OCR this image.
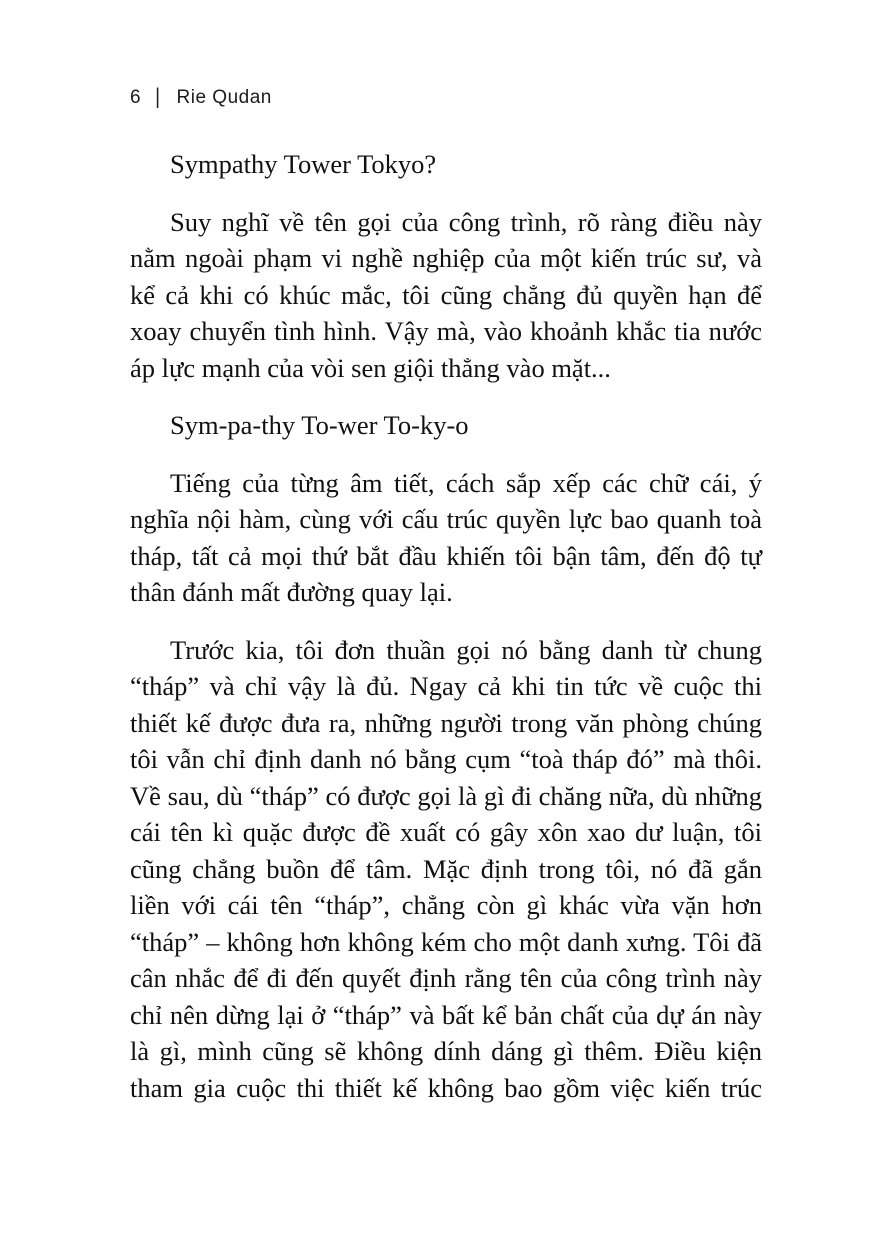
6 | Rie Qudan

Sympathy Tower Tokyo?

Suy nghĩ về tên gọi của công trình, rõ ràng điều này nằm ngoài phạm vi nghề nghiệp của một kiến trúc sư, và kể cả khi có khúc mắc, tôi cũng chẳng đủ quyền hạn để xoay chuyển tình hình. Vậy mà, vào khoảnh khắc tia nước áp lực mạnh của vòi sen giội thẳng vào mặt...

Sym-pa-thy To-wer To-ky-o

Tiếng của từng âm tiết, cách sắp xếp các chữ cái, ý nghĩa nội hàm, cùng với cấu trúc quyền lực bao quanh toà tháp, tất cả mọi thứ bắt đầu khiến tôi bận tâm, đến độ tự thân đánh mất đường quay lại.

Trước kia, tôi đơn thuần gọi nó bằng danh từ chung “tháp” và chỉ vậy là đủ. Ngay cả khi tin tức về cuộc thi thiết kế được đưa ra, những người trong văn phòng chúng tôi vẫn chỉ định danh nó bằng cụm “toà tháp đó” mà thôi. Về sau, dù “tháp” có được gọi là gì đi chăng nữa, dù những cái tên kì quặc được đề xuất có gây xôn xao dư luận, tôi cũng chẳng buồn để tâm. Mặc định trong tôi, nó đã gắn liền với cái tên “tháp”, chẳng còn gì khác vừa vặn hơn “tháp” – không hơn không kém cho một danh xưng. Tôi đã cân nhắc để đi đến quyết định rằng tên của công trình này chỉ nên dừng lại ở “tháp” và bất kể bản chất của dự án này là gì, mình cũng sẽ không dính dáng gì thêm. Điều kiện tham gia cuộc thi thiết kế không bao gồm việc kiến trúc
